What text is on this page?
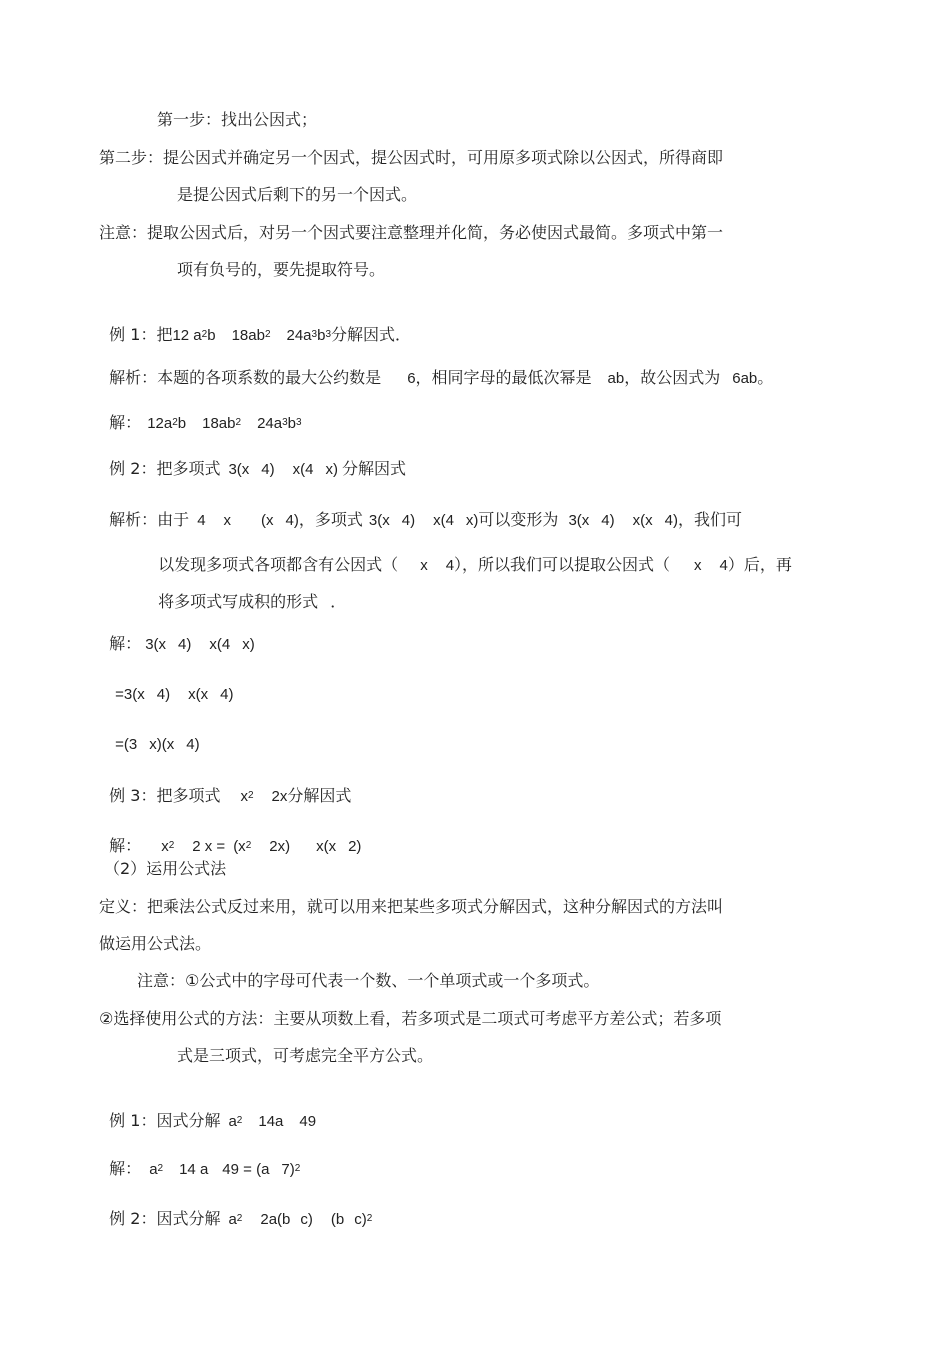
第一步：找出公因式；
第二步：提公因式并确定另一个因式，提公因式时，可用原多项式除以公因式，所得商即
是提公因式后剩下的另一个因式。
注意：提取公因式后，对另一个因式要注意整理并化简，务必使因式最简。多项式中第一
项有负号的，要先提取符号。

例 1：把12 $a^2b$ $18ab^2$ $24a^3b^3$分解因式．

解析：本题的各项系数的最大公约数是 6，相同字母的最低次幂是 ab，故公因式为 6ab。

解： $12a^2b$ $18ab^2$ $24a^3b^3$

例 2：把多项式 3(x 4) x(4 x) 分解因式

解析：由于 4 x (x 4)，多项式 3(x 4) x(4 x)可以变形为 3(x 4) x(x 4)，我们可

以发现多项式各项都含有公因式（ x 4），所以我们可以提取公因式（ x 4）后，再

将多项式写成积的形式 ．

解： 3(x 4) x(4 x)

=3(x 4) x(x 4)

=(3 x)(x 4)

例 3：把多项式 $x^2$ 2x分解因式

解： $x^2$ 2 $x = (x^2$ 2x) x(x 2)

（2）运用公式法
定义：把乘法公式反过来用，就可以用来把某些多项式分解因式，这种分解因式的方法叫
做运用公式法。
注意：①公式中的字母可代表一个数、一个单项式或一个多项式。
②选择使用公式的方法：主要从项数上看，若多项式是二项式可考虑平方差公式；若多项
式是三项式，可考虑完全平方公式。

例 1：因式分解 $a^2$ 14a 49

解： $a^2$ 14 a 49 = (a 7)$^2$

例 2：因式分解 $a^2$ 2a(b c) (b c)$^2$
